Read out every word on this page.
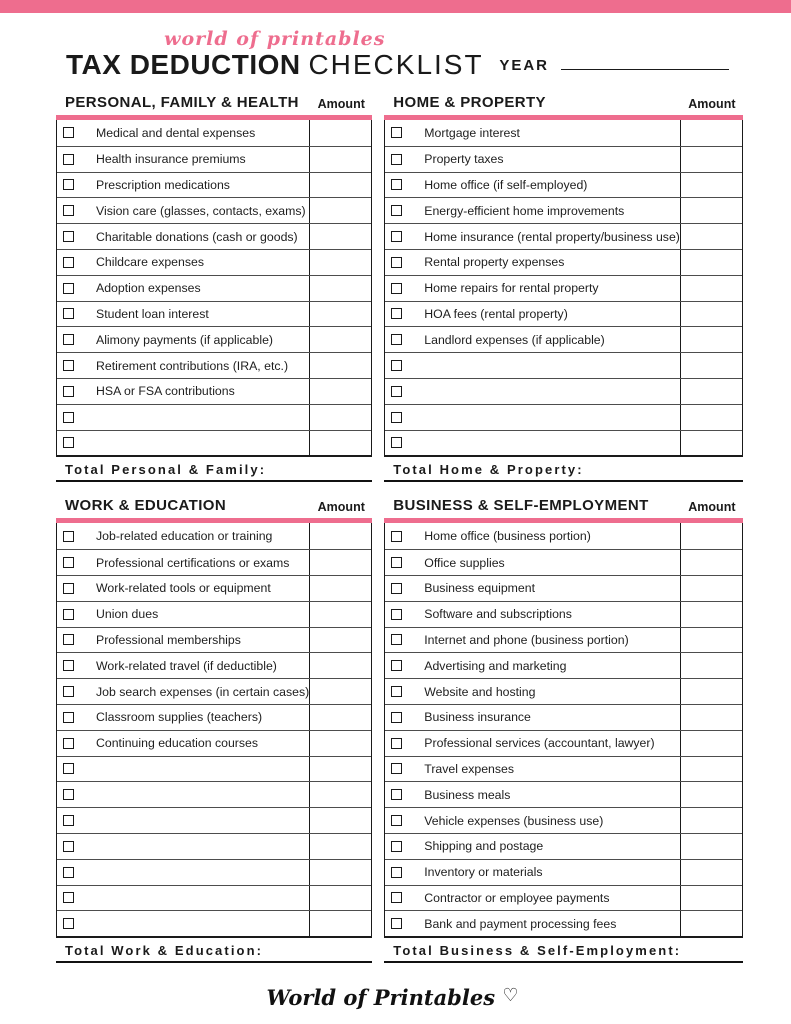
world of printables
TAX DEDUCTION CHECKLIST YEAR
PERSONAL, FAMILY & HEALTH	Amount
Medical and dental expenses
Health insurance premiums
Prescription medications
Vision care (glasses, contacts, exams)
Charitable donations (cash or goods)
Childcare expenses
Adoption expenses
Student loan interest
Alimony payments (if applicable)
Retirement contributions (IRA, etc.)
HSA or FSA contributions
Total Personal & Family:
HOME & PROPERTY	Amount
Mortgage interest
Property taxes
Home office (if self-employed)
Energy-efficient home improvements
Home insurance (rental property/business use)
Rental property expenses
Home repairs for rental property
HOA fees (rental property)
Landlord expenses (if applicable)
Total Home & Property:
WORK & EDUCATION	Amount
Job-related education or training
Professional certifications or exams
Work-related tools or equipment
Union dues
Professional memberships
Work-related travel (if deductible)
Job search expenses (in certain cases)
Classroom supplies (teachers)
Continuing education courses
Total Work & Education:
BUSINESS & SELF-EMPLOYMENT	Amount
Home office (business portion)
Office supplies
Business equipment
Software and subscriptions
Internet and phone (business portion)
Advertising and marketing
Website and hosting
Business insurance
Professional services (accountant, lawyer)
Travel expenses
Business meals
Vehicle expenses (business use)
Shipping and postage
Inventory or materials
Contractor or employee payments
Bank and payment processing fees
Total Business & Self-Employment:
World of Printables ♡
